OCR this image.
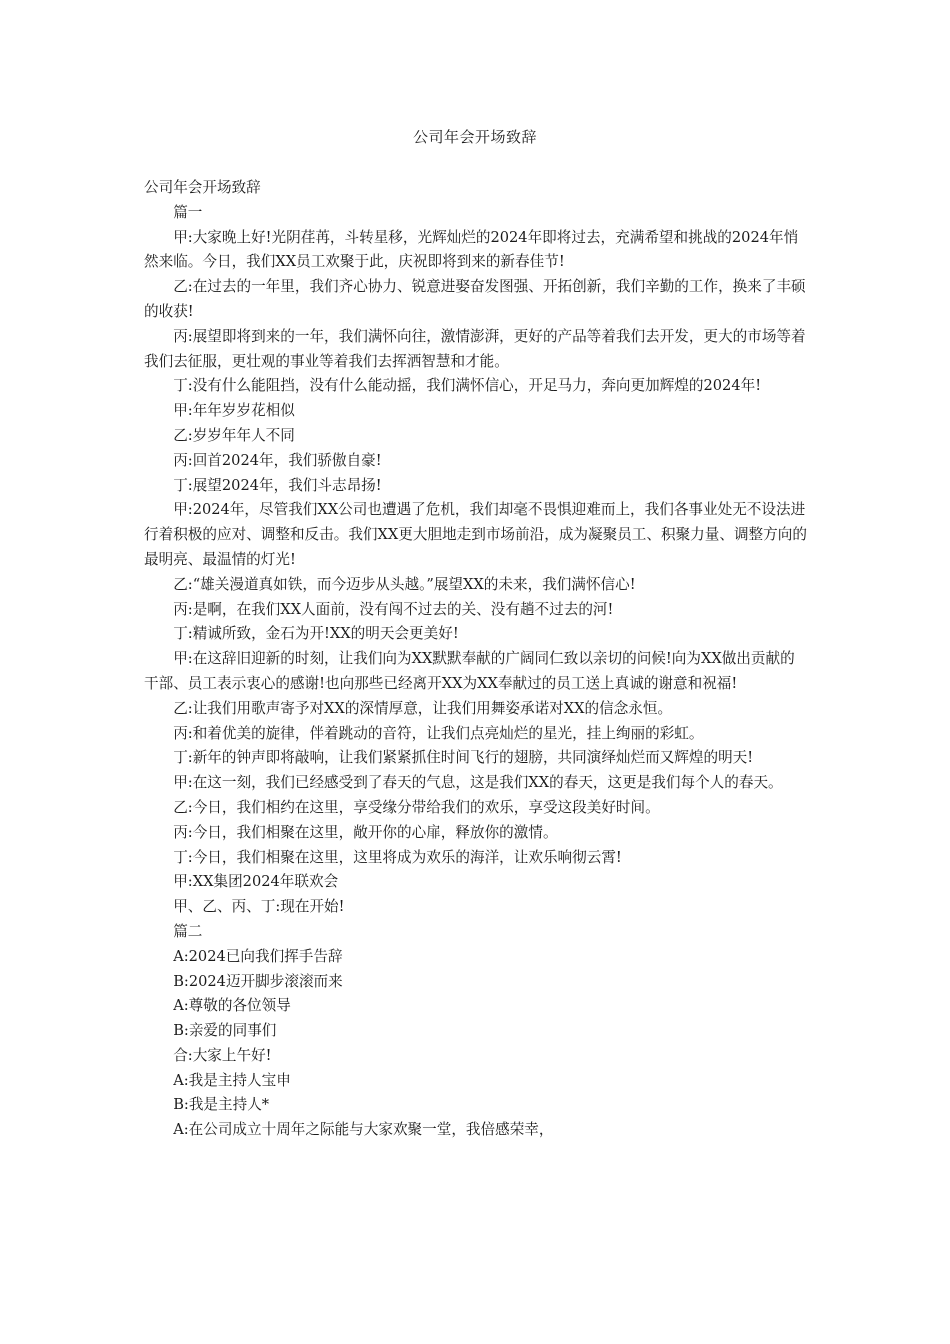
公司年会开场致辞

公司年会开场致辞

篇一

甲:大家晚上好!光阴荏苒，斗转星移，光辉灿烂的2024年即将过去，充满希望和挑战的2024年悄然来临。今日，我们XX员工欢聚于此，庆祝即将到来的新春佳节!

乙:在过去的一年里，我们齐心协力、锐意进娶奋发图强、开拓创新，我们辛勤的工作，换来了丰硕的收获!

丙:展望即将到来的一年，我们满怀向往，激情澎湃，更好的产品等着我们去开发，更大的市场等着我们去征服，更壮观的事业等着我们去挥洒智慧和才能。

丁:没有什么能阻挡，没有什么能动摇，我们满怀信心，开足马力，奔向更加辉煌的2024年!

甲:年年岁岁花相似

乙:岁岁年年人不同

丙:回首2024年，我们骄傲自豪!

丁:展望2024年，我们斗志昂扬!

甲:2024年，尽管我们XX公司也遭遇了危机，我们却毫不畏惧迎难而上，我们各事业处无不设法进行着积极的应对、调整和反击。我们XX更大胆地走到市场前沿，成为凝聚员工、积聚力量、调整方向的最明亮、最温情的灯光!

乙:“雄关漫道真如铁，而今迈步从头越。”展望XX的未来，我们满怀信心!

丙:是啊，在我们XX人面前，没有闯不过去的关、没有趟不过去的河!

丁:精诚所致，金石为开!XX的明天会更美好!

甲:在这辞旧迎新的时刻，让我们向为XX默默奉献的广阔同仁致以亲切的问候!向为XX做出贡献的干部、员工表示衷心的感谢!也向那些已经离开XX为XX奉献过的员工送上真诚的谢意和祝福!

乙:让我们用歌声寄予对XX的深情厚意，让我们用舞姿承诺对XX的信念永恒。

丙:和着优美的旋律，伴着跳动的音符，让我们点亮灿烂的星光，挂上绚丽的彩虹。

丁:新年的钟声即将敲响，让我们紧紧抓住时间飞行的翅膀，共同演绎灿烂而又辉煌的明天!

甲:在这一刻，我们已经感受到了春天的气息，这是我们XX的春天，这更是我们每个人的春天。

乙:今日，我们相约在这里，享受缘分带给我们的欢乐，享受这段美好时间。

丙:今日，我们相聚在这里，敞开你的心扉，释放你的激情。

丁:今日，我们相聚在这里，这里将成为欢乐的海洋，让欢乐响彻云霄!

甲:XX集团2024年联欢会

甲、乙、丙、丁:现在开始!

篇二

A:2024已向我们挥手告辞

B:2024迈开脚步滚滚而来

A:尊敬的各位领导

B:亲爱的同事们

合:大家上午好!

A:我是主持人宝申

B:我是主持人*

A:在公司成立十周年之际能与大家欢聚一堂，我倍感荣幸，
